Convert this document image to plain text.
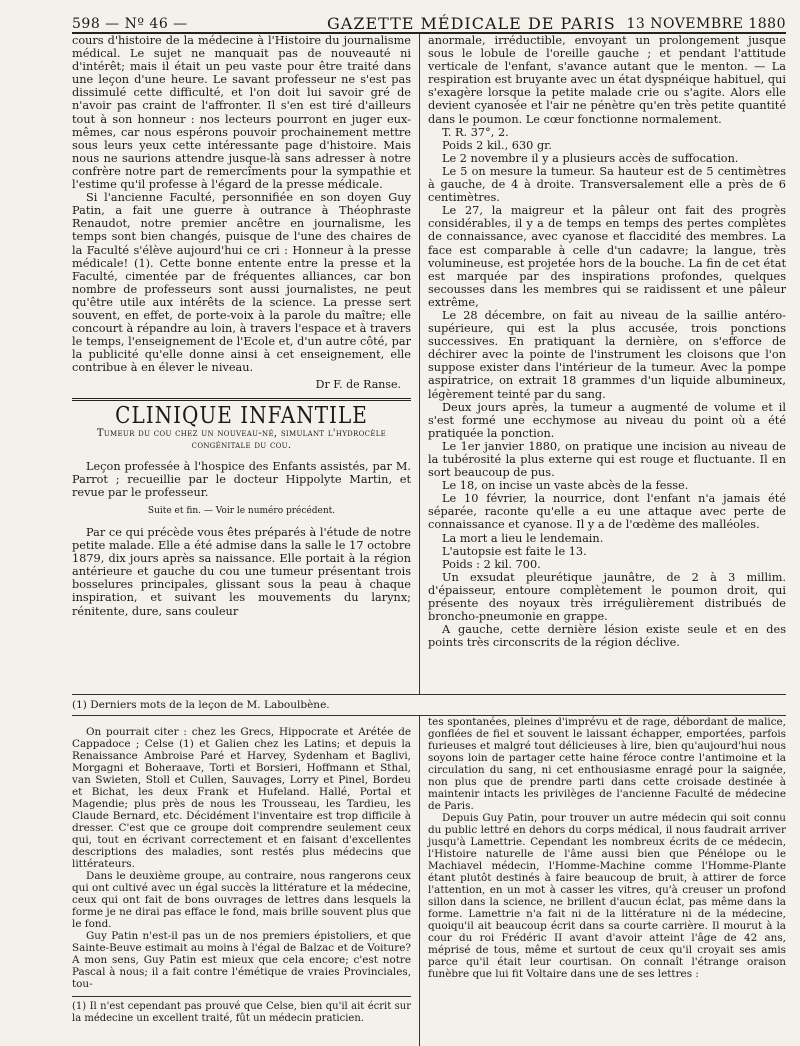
598 — Nº 46 —	GAZETTE MÉDICALE DE PARIS 13 NOVEMBRE 1880

cours d'histoire de la médecine à l'Histoire du journalisme médical. Le sujet ne manquait pas de nouveauté ni d'intérêt; mais il était un peu vaste pour être traité dans une leçon d'une heure. Le savant professeur ne s'est pas dissimulé cette difficulté, et l'on doit lui savoir gré de n'avoir pas craint de l'affronter. Il s'en est tiré d'ailleurs tout à son honneur : nos lecteurs pourront en juger eux-mêmes, car nous espérons pouvoir prochainement mettre sous leurs yeux cette intéressante page d'histoire. Mais nous ne saurions attendre jusque-là sans adresser à notre confrère notre part de remercîments pour la sympathie et l'estime qu'il professe à l'égard de la presse médicale.

Si l'ancienne Faculté, personnifiée en son doyen Guy Patin, a fait une guerre à outrance à Théophraste Renaudot, notre premier ancêtre en journalisme, les temps sont bien changés, puisque de l'une des chaires de la Faculté s'élève aujourd'hui ce cri : Honneur à la presse médicale! (1). Cette bonne entente entre la presse et la Faculté, cimentée par de fréquentes alliances, car bon nombre de professeurs sont aussi journalistes, ne peut qu'être utile aux intérêts de la science. La presse sert souvent, en effet, de porte-voix à la parole du maître; elle concourt à répandre au loin, à travers l'espace et à travers le temps, l'enseignement de l'Ecole et, d'un autre côté, par la publicité qu'elle donne ainsi à cet enseignement, elle contribue à en élever le niveau.

Dr F. de Ranse.
CLINIQUE INFANTILE
Tumeur du cou chez un nouveau-né, simulant l'hydrocèle congénitale du cou.

Leçon professée à l'hospice des Enfants assistés, par M. Parrot ; recueillie par le docteur Hippolyte Martin, et revue par le professeur.

Suite et fin. — Voir le numéro précédent.

Par ce qui précède vous êtes préparés à l'étude de notre petite malade. Elle a été admise dans la salle le 17 octobre 1879, dix jours après sa naissance. Elle portait à la région antérieure et gauche du cou une tumeur présentant trois bosselures principales, glissant sous la peau à chaque inspiration, et suivant les mouvements du larynx; rénitente, dure, sans couleur

anormale, irréductible, envoyant un prolongement jusque sous le lobule de l'oreille gauche ; et pendant l'attitude verticale de l'enfant, s'avance autant que le menton. — La respiration est bruyante avec un état dyspnéique habituel, qui s'exagère lorsque la petite malade crie ou s'agite. Alors elle devient cyanosée et l'air ne pénètre qu'en très petite quantité dans le poumon. Le cœur fonctionne normalement.

T. R. 37°, 2.

Poids 2 kil., 630 gr.

Le 2 novembre il y a plusieurs accès de suffocation.

Le 5 on mesure la tumeur. Sa hauteur est de 5 centimètres à gauche, de 4 à droite. Transversalement elle a près de 6 centimètres.

Le 27, la maigreur et la pâleur ont fait des progrès considérables, il y a de temps en temps des pertes complètes de connaissance, avec cyanose et flaccidité des membres. La face est comparable à celle d'un cadavre; la langue, très volumineuse, est projetée hors de la bouche. La fin de cet état est marquée par des inspirations profondes, quelques secousses dans les membres qui se raidissent et une pâleur extrême,

Le 28 décembre, on fait au niveau de la saillie antéro-supérieure, qui est la plus accusée, trois ponctions successives. En pratiquant la dernière, on s'efforce de déchirer avec la pointe de l'instrument les cloisons que l'on suppose exister dans l'intérieur de la tumeur. Avec la pompe aspiratrice, on extrait 18 grammes d'un liquide albumineux, légèrement teinté par du sang.

Deux jours après, la tumeur a augmenté de volume et il s'est formé une ecchymose au niveau du point où a été pratiquée la ponction.

Le 1er janvier 1880, on pratique une incision au niveau de la tubérosité la plus externe qui est rouge et fluctuante. Il en sort beaucoup de pus.

Le 18, on incise un vaste abcès de la fesse.

Le 10 février, la nourrice, dont l'enfant n'a jamais été séparée, raconte qu'elle a eu une attaque avec perte de connaissance et cyanose. Il y a de l'œdème des malléoles.

La mort a lieu le lendemain.

L'autopsie est faite le 13.

Poids : 2 kil. 700.

Un exsudat pleurétique jaunâtre, de 2 à 3 millim. d'épaisseur, entoure complètement le poumon droit, qui présente des noyaux très irrégulièrement distribués de broncho-pneumonie en grappe.

A gauche, cette dernière lésion existe seule et en des points très circonscrits de la région déclive.

(1) Derniers mots de la leçon de M. Laboulbène.

On pourrait citer : chez les Grecs, Hippocrate et Arétée de Cappadoce ; Celse (1) et Galien chez les Latins; et depuis la Renaissance Ambroise Paré et Harvey, Sydenham et Baglivi, Morgagni et Boheraave, Torti et Borsieri, Hoffmann et Sthal, van Swieten, Stoll et Cullen, Sauvages, Lorry et Pinel, Bordeu et Bichat, les deux Frank et Hufeland. Hallé, Portal et Magendie; plus près de nous les Trousseau, les Tardieu, les Claude Bernard, etc. Décidément l'inventaire est trop difficile à dresser. C'est que ce groupe doit comprendre seulement ceux qui, tout en écrivant correctement et en faisant d'excellentes descriptions des maladies, sont restés plus médecins que littérateurs.

Dans le deuxième groupe, au contraire, nous rangerons ceux qui ont cultivé avec un égal succès la littérature et la médecine, ceux qui ont fait de bons ouvrages de lettres dans lesquels la forme je ne dirai pas efface le fond, mais brille souvent plus que le fond.

Guy Patin n'est-il pas un de nos premiers épistoliers, et que Sainte-Beuve estimait au moins à l'égal de Balzac et de Voiture? A mon sens, Guy Patin est mieux que cela encore; c'est notre Pascal à nous; il a fait contre l'émétique de vraies Provinciales, tou-

(1) Il n'est cependant pas prouvé que Celse, bien qu'il ait écrit sur la médecine un excellent traité, fût un médecin praticien.

tes spontanées, pleines d'imprévu et de rage, débordant de malice, gonflées de fiel et souvent le laissant échapper, emportées, parfois furieuses et malgré tout délicieuses à lire, bien qu'aujourd'hui nous soyons loin de partager cette haine féroce contre l'antimoine et la circulation du sang, ni cet enthousiasme enragé pour la saignée, non plus que de prendre parti dans cette croisade destinée à maintenir intacts les privilèges de l'ancienne Faculté de médecine de Paris.

Depuis Guy Patin, pour trouver un autre médecin qui soit connu du public lettré en dehors du corps médical, il nous faudrait arriver jusqu'à Lamettrie. Cependant les nombreux écrits de ce médecin, l'Histoire naturelle de l'âme aussi bien que Pénélope ou le Machiavel médecin, l'Homme-Machine comme l'Homme-Plante étant plutôt destinés à faire beaucoup de bruit, à attirer de force l'attention, en un mot à casser les vitres, qu'à creuser un profond sillon dans la science, ne brillent d'aucun éclat, pas même dans la forme. Lamettrie n'a fait ni de la littérature ni de la médecine, quoiqu'il ait beaucoup écrit dans sa courte carrière. Il mourut à la cour du roi Frédéric II avant d'avoir atteint l'âge de 42 ans, méprisé de tous, même et surtout de ceux qu'il croyait ses amis parce qu'il était leur courtisan. On connaît l'étrange oraison funèbre que lui fit Voltaire dans une de ses lettres :
